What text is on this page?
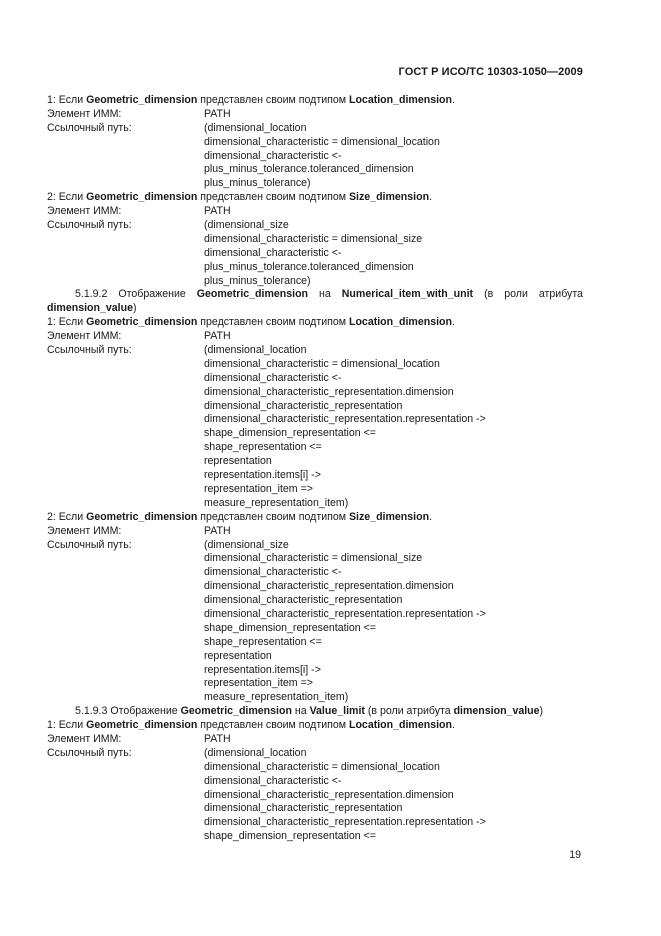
ГОСТ Р ИСО/ТС 10303-1050—2009
1: Если Geometric_dimension представлен своим подтипом Location_dimension.
Элемент ИММ:	PATH
Ссылочный путь:	(dimensional_location
dimensional_characteristic = dimensional_location
dimensional_characteristic <-
plus_minus_tolerance.toleranced_dimension
plus_minus_tolerance)
2: Если Geometric_dimension представлен своим подтипом Size_dimension.
Элемент ИММ:	PATH
Ссылочный путь:	(dimensional_size
dimensional_characteristic = dimensional_size
dimensional_characteristic <-
plus_minus_tolerance.toleranced_dimension
plus_minus_tolerance)
5.1.9.2 Отображение Geometric_dimension на Numerical_item_with_unit (в роли атрибута
dimension_value)
1: Если Geometric_dimension представлен своим подтипом Location_dimension.
Элемент ИММ:	PATH
Ссылочный путь:	(dimensional_location
dimensional_characteristic = dimensional_location
dimensional_characteristic <-
dimensional_characteristic_representation.dimension
dimensional_characteristic_representation
dimensional_characteristic_representation.representation ->
shape_dimension_representation <=
shape_representation <=
representation
representation.items[i] ->
representation_item =>
measure_representation_item)
2: Если Geometric_dimension представлен своим подтипом Size_dimension.
Элемент ИММ:	PATH
Ссылочный путь:	(dimensional_size
dimensional_characteristic = dimensional_size
dimensional_characteristic <-
dimensional_characteristic_representation.dimension
dimensional_characteristic_representation
dimensional_characteristic_representation.representation ->
shape_dimension_representation <=
shape_representation <=
representation
representation.items[i] ->
representation_item =>
measure_representation_item)
5.1.9.3 Отображение Geometric_dimension на Value_limit (в роли атрибута dimension_value)
1: Если Geometric_dimension представлен своим подтипом Location_dimension.
Элемент ИММ:	PATH
Ссылочный путь:	(dimensional_location
dimensional_characteristic = dimensional_location
dimensional_characteristic <-
dimensional_characteristic_representation.dimension
dimensional_characteristic_representation
dimensional_characteristic_representation.representation ->
shape_dimension_representation <=
19
